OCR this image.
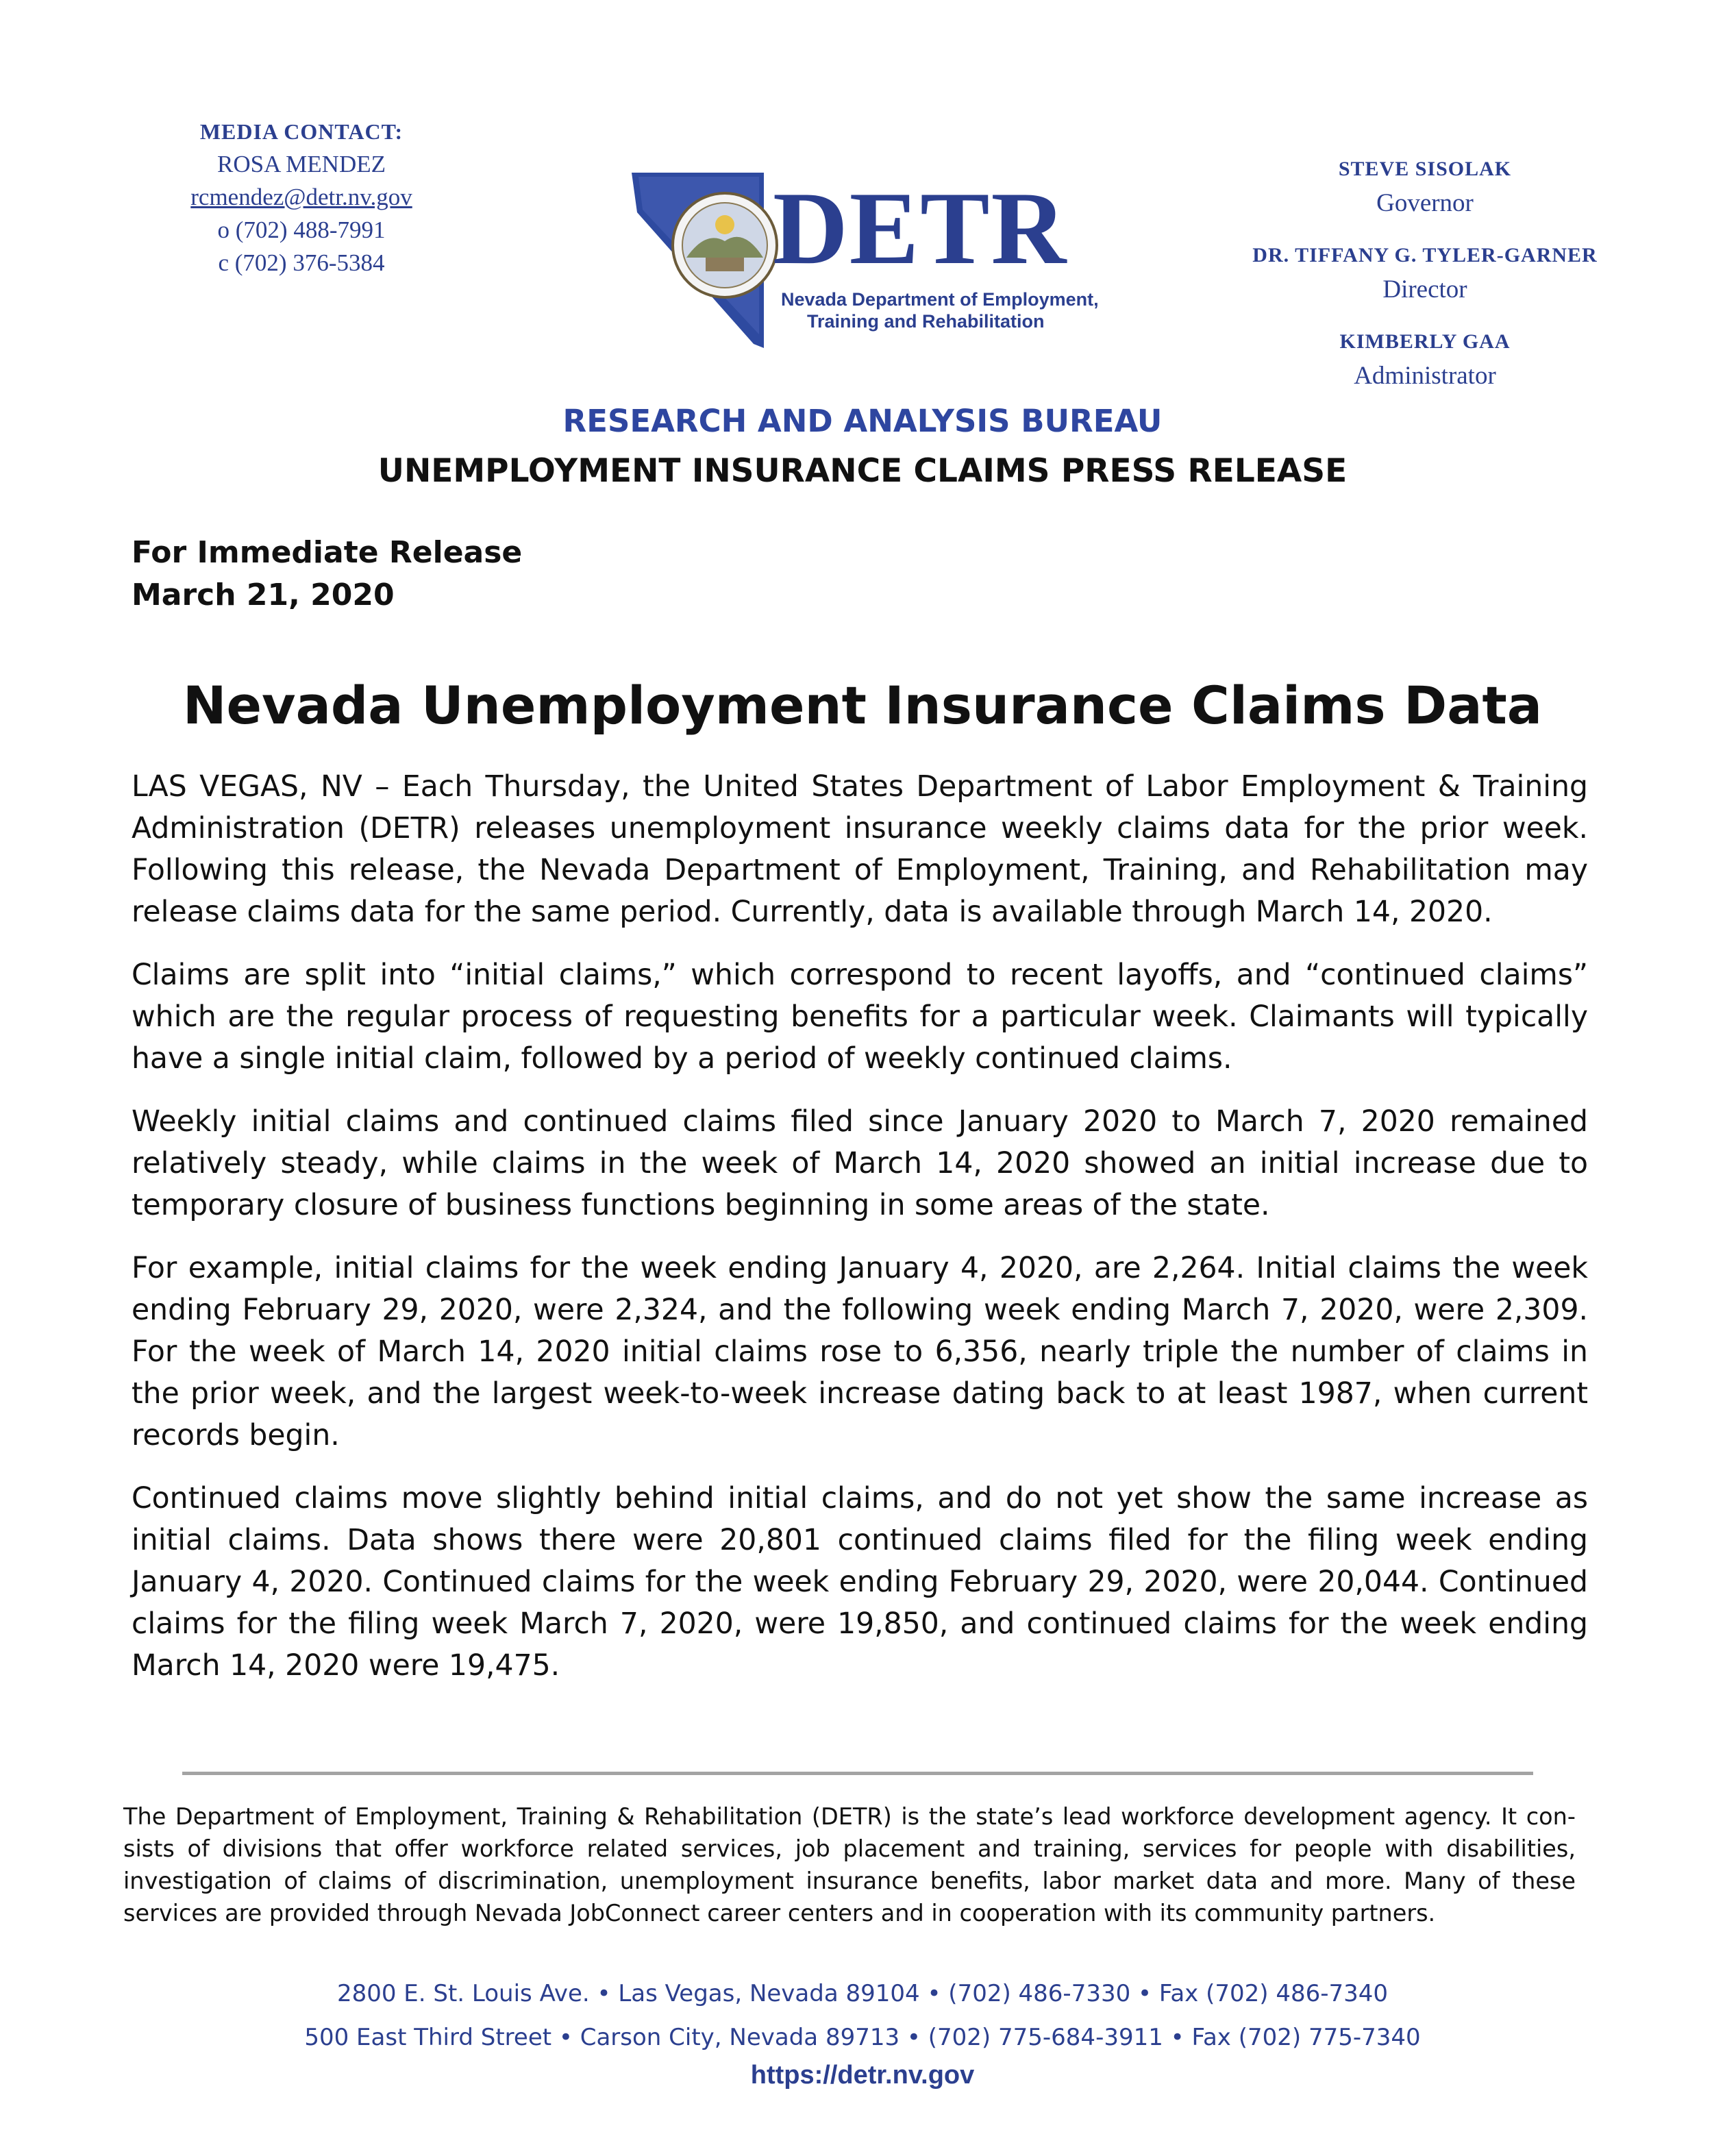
MEDIA CONTACT:
ROSA MENDEZ
rcmendez@detr.nv.gov
o (702) 488-7991
c (702) 376-5384	DETR
Nevada Department of Employment,
Training and Rehabilitation
STEVE SISOLAK
Governor
DR. TIFFANY G. TYLER-GARNER
Director
KIMBERLY GAA
Administrator
RESEARCH AND ANALYSIS BUREAU
UNEMPLOYMENT INSURANCE CLAIMS PRESS RELEASE
For Immediate Release
March 21, 2020
Nevada Unemployment Insurance Claims Data

LAS VEGAS, NV – Each Thursday, the United States Department of Labor Employment & Training Administration (DETR) releases unemployment insurance weekly claims data for the prior week. Following this release, the Nevada Department of Employment, Training, and Rehabilitation may release claims data for the same period. Currently, data is available through March 14, 2020.

Claims are split into “initial claims,” which correspond to recent layoffs, and “continued claims” which are the regular process of requesting benefits for a particular week. Claimants will typically have a single initial claim, followed by a period of weekly continued claims.

Weekly initial claims and continued claims filed since January 2020 to March 7, 2020 remained relatively steady, while claims in the week of March 14, 2020 showed an initial increase due to temporary closure of business functions beginning in some areas of the state.

For example, initial claims for the week ending January 4, 2020, are 2,264. Initial claims the week ending February 29, 2020, were 2,324, and the following week ending March 7, 2020, were 2,309. For the week of March 14, 2020 initial claims rose to 6,356, nearly triple the number of claims in the prior week, and the largest week-to-week increase dating back to at least 1987, when current records begin.

Continued claims move slightly behind initial claims, and do not yet show the same increase as initial claims. Data shows there were 20,801 continued claims filed for the filing week ending January 4, 2020. Continued claims for the week ending February 29, 2020, were 20,044. Continued claims for the filing week March 7, 2020, were 19,850, and continued claims for the week ending March 14, 2020 were 19,475.

The Department of Employment, Training & Rehabilitation (DETR) is the state’s lead workforce development agency. It consists of divisions that offer workforce related services, job placement and training, services for people with disabilities, investigation of claims of discrimination, unemployment insurance benefits, labor market data and more. Many of these services are provided through Nevada JobConnect career centers and in cooperation with its community partners.
2800 E. St. Louis Ave. • Las Vegas, Nevada 89104 • (702) 486-7330 • Fax (702) 486-7340
500 East Third Street • Carson City, Nevada 89713 • (702) 775-684-3911 • Fax (702) 775-7340
https://detr.nv.gov
